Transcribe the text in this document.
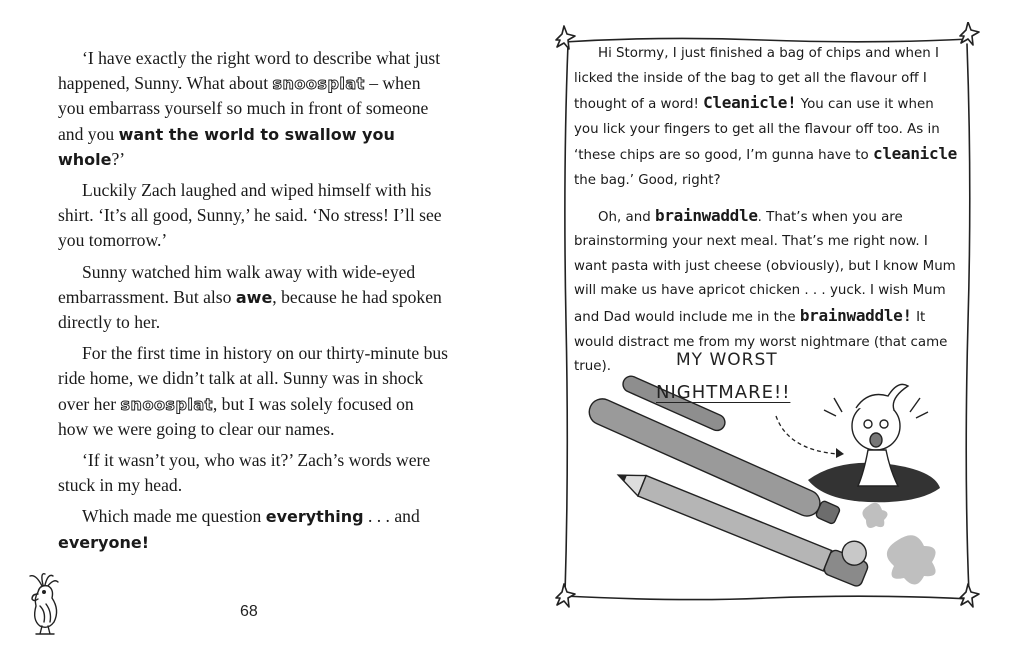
‘I have exactly the right word to describe what just happened, Sunny. What about snoosplat – when you embarrass yourself so much in front of someone and you want the world to swallow you whole?’

Luckily Zach laughed and wiped himself with his shirt. ‘It’s all good, Sunny,’ he said. ‘No stress! I’ll see you tomorrow.’

Sunny watched him walk away with wide-eyed embarrassment. But also awe, because he had spoken directly to her.

For the first time in history on our thirty-minute bus ride home, we didn’t talk at all. Sunny was in shock over her snoosplat, but I was solely focused on how we were going to clear our names.

‘If it wasn’t you, who was it?’ Zach’s words were stuck in my head.

Which made me question everything . . . and everyone!

68

Hi Stormy, I just finished a bag of chips and when I licked the inside of the bag to get all the flavour off I thought of a word! Cleanicle! You can use it when you lick your fingers to get all the flavour off too. As in ‘these chips are so good, I’m gunna have to cleanicle the bag.’ Good, right?

Oh, and brainwaddle. That’s when you are brainstorming your next meal. That’s me right now. I want pasta with just cheese (obviously), but I know Mum will make us have apricot chicken . . . yuck. I wish Mum and Dad would include me in the brainwaddle! It would distract me from my worst nightmare (that came true).	MY WORST
NIGHTMARE!!
